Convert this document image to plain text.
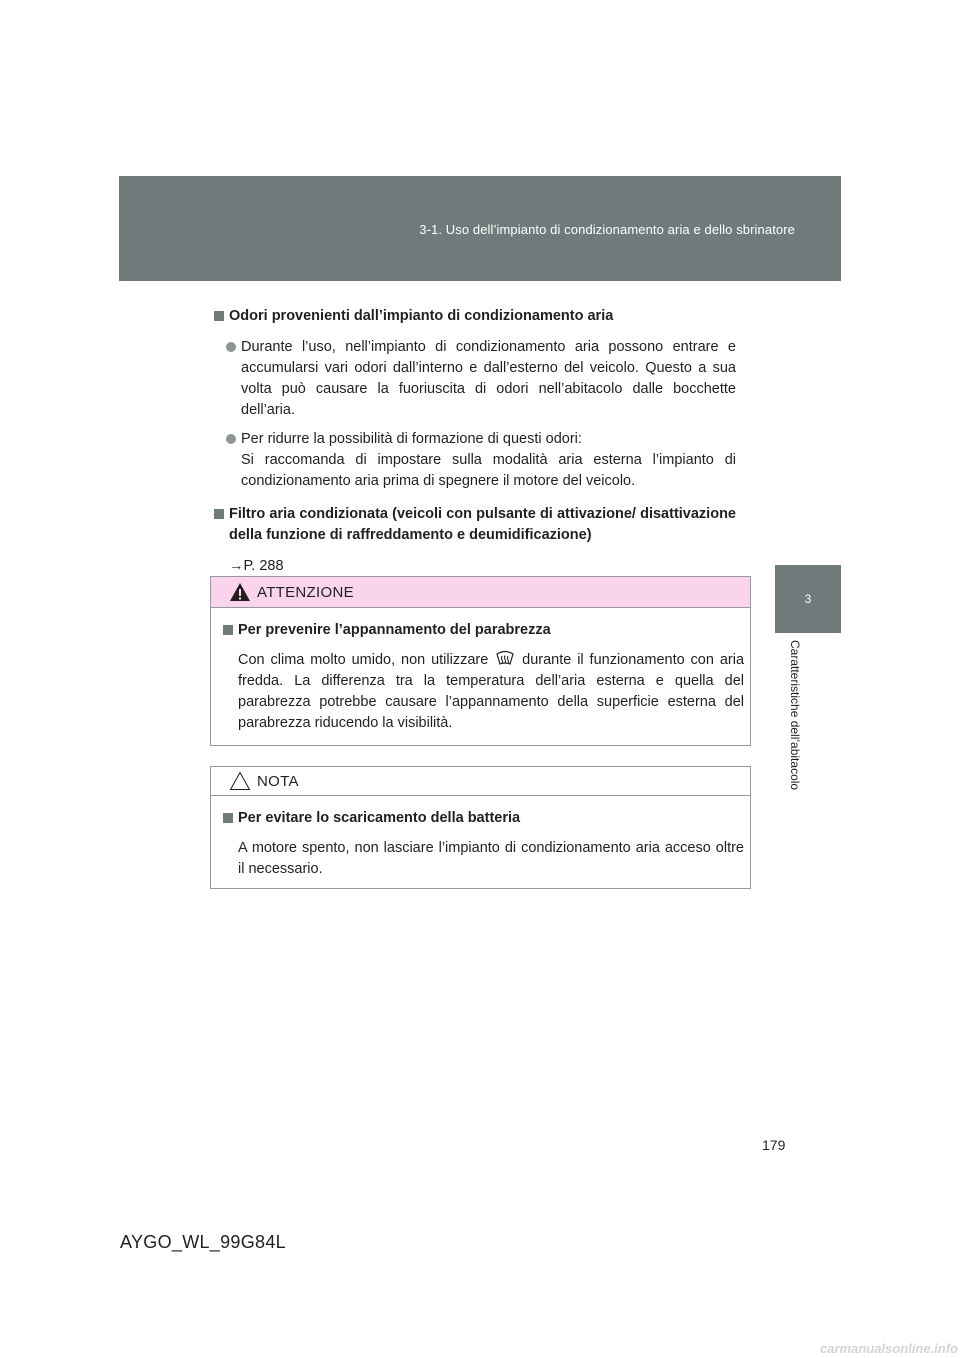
3-1. Uso dell’impianto di condizionamento aria e dello sbrinatore
3
Caratteristiche dell’abitacolo
Odori provenienti dall’impianto di condizionamento aria
Durante l’uso, nell’impianto di condizionamento aria possono entrare e accumularsi vari odori dall’interno e dall’esterno del veicolo. Questo a sua volta può causare la fuoriuscita di odori nell’abitacolo dalle bocchette dell’aria.
Per ridurre la possibilità di formazione di questi odori:
Si raccomanda di impostare sulla modalità aria esterna l’impianto di condizionamento aria prima di spegnere il motore del veicolo.
Filtro aria condizionata (veicoli con pulsante di attivazione/ disattivazione della funzione di raffreddamento e deumidificazione)
→P. 288
ATTENZIONE
Per prevenire l’appannamento del parabrezza
Con clima molto umido, non utilizzare durante il funzionamento con aria fredda. La differenza tra la temperatura dell’aria esterna e quella del parabrezza potrebbe causare l’appannamento della superficie esterna del parabrezza riducendo la visibilità.
NOTA
Per evitare lo scaricamento della batteria
A motore spento, non lasciare l’impianto di condizionamento aria acceso oltre il necessario.
179
AYGO_WL_99G84L
carmanualsonline.info
